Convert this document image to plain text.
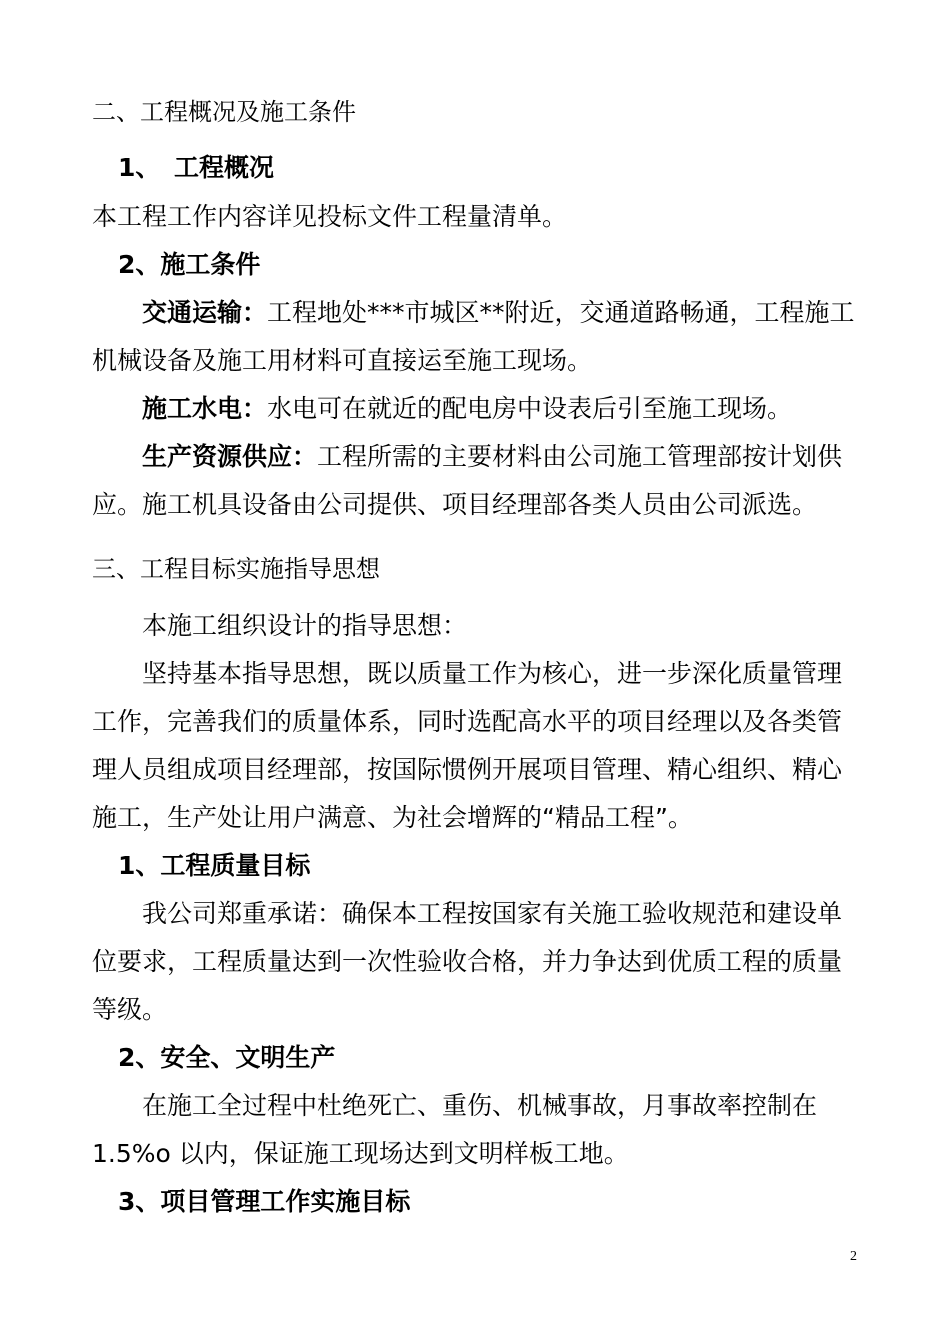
二、工程概况及施工条件

1、 工程概况

本工程工作内容详见投标文件工程量清单。

2、施工条件

交通运输：工程地处***市城区**附近，交通道路畅通，工程施工

机械设备及施工用材料可直接运至施工现场。

施工水电：水电可在就近的配电房中设表后引至施工现场。

生产资源供应：工程所需的主要材料由公司施工管理部按计划供

应。施工机具设备由公司提供、项目经理部各类人员由公司派选。

三、工程目标实施指导思想

本施工组织设计的指导思想：

坚持基本指导思想，既以质量工作为核心，进一步深化质量管理

工作，完善我们的质量体系，同时选配高水平的项目经理以及各类管

理人员组成项目经理部，按国际惯例开展项目管理、精心组织、精心

施工，生产处让用户满意、为社会增辉的“精品工程”。

1、工程质量目标

我公司郑重承诺：确保本工程按国家有关施工验收规范和建设单

位要求，工程质量达到一次性验收合格，并力争达到优质工程的质量

等级。

2、安全、文明生产

在施工全过程中杜绝死亡、重伤、机械事故，月事故率控制在

1.5%o 以内，保证施工现场达到文明样板工地。

3、项目管理工作实施目标

2
